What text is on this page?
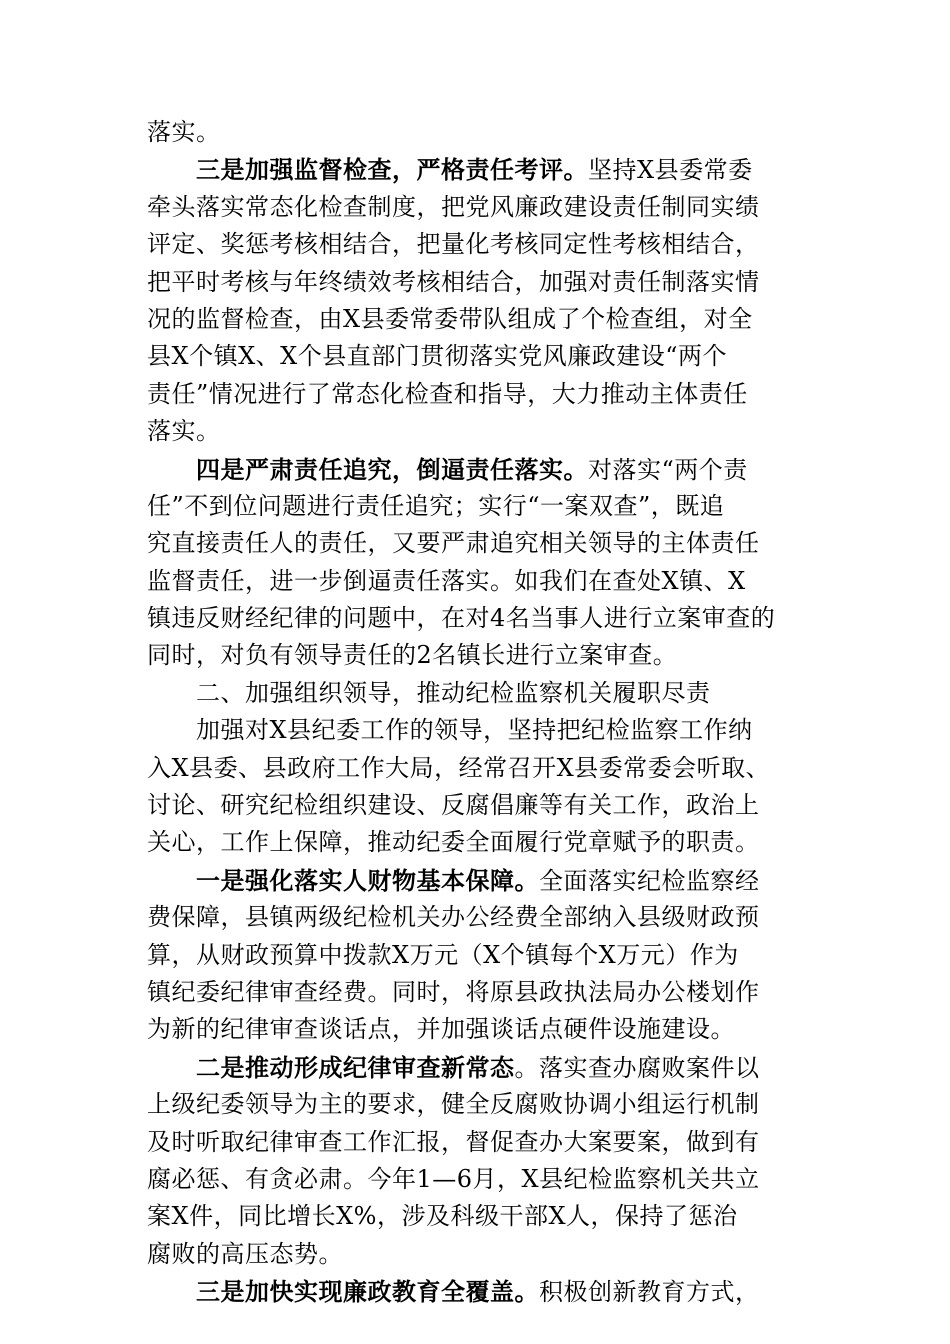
落实。
三是加强监督检查，严格责任考评。坚持X县委常委
牵头落实常态化检查制度，把党风廉政建设责任制同实绩
评定、奖惩考核相结合，把量化考核同定性考核相结合，
把平时考核与年终绩效考核相结合，加强对责任制落实情
况的监督检查，由X县委常委带队组成了个检查组，对全
县X个镇X、X个县直部门贯彻落实党风廉政建设“两个
责任”情况进行了常态化检查和指导，大力推动主体责任
落实。
四是严肃责任追究，倒逼责任落实。对落实“两个责
任”不到位问题进行责任追究；实行“一案双查”，既追
究直接责任人的责任，又要严肃追究相关领导的主体责任
监督责任，进一步倒逼责任落实。如我们在查处X镇、X
镇违反财经纪律的问题中，在对4名当事人进行立案审查的
同时，对负有领导责任的2名镇长进行立案审查。
二、加强组织领导，推动纪检监察机关履职尽责
加强对X县纪委工作的领导，坚持把纪检监察工作纳
入X县委、县政府工作大局，经常召开X县委常委会听取、
讨论、研究纪检组织建设、反腐倡廉等有关工作，政治上
关心，工作上保障，推动纪委全面履行党章赋予的职责。
一是强化落实人财物基本保障。全面落实纪检监察经
费保障，县镇两级纪检机关办公经费全部纳入县级财政预
算，从财政预算中拨款X万元（X个镇每个X万元）作为
镇纪委纪律审查经费。同时，将原县政执法局办公楼划作
为新的纪律审查谈话点，并加强谈话点硬件设施建设。
二是推动形成纪律审查新常态。落实查办腐败案件以
上级纪委领导为主的要求，健全反腐败协调小组运行机制
及时听取纪律审查工作汇报，督促查办大案要案，做到有
腐必惩、有贪必肃。今年1—6月，X县纪检监察机关共立
案X件，同比增长X%，涉及科级干部X人，保持了惩治
腐败的高压态势。
三是加快实现廉政教育全覆盖。积极创新教育方式，
